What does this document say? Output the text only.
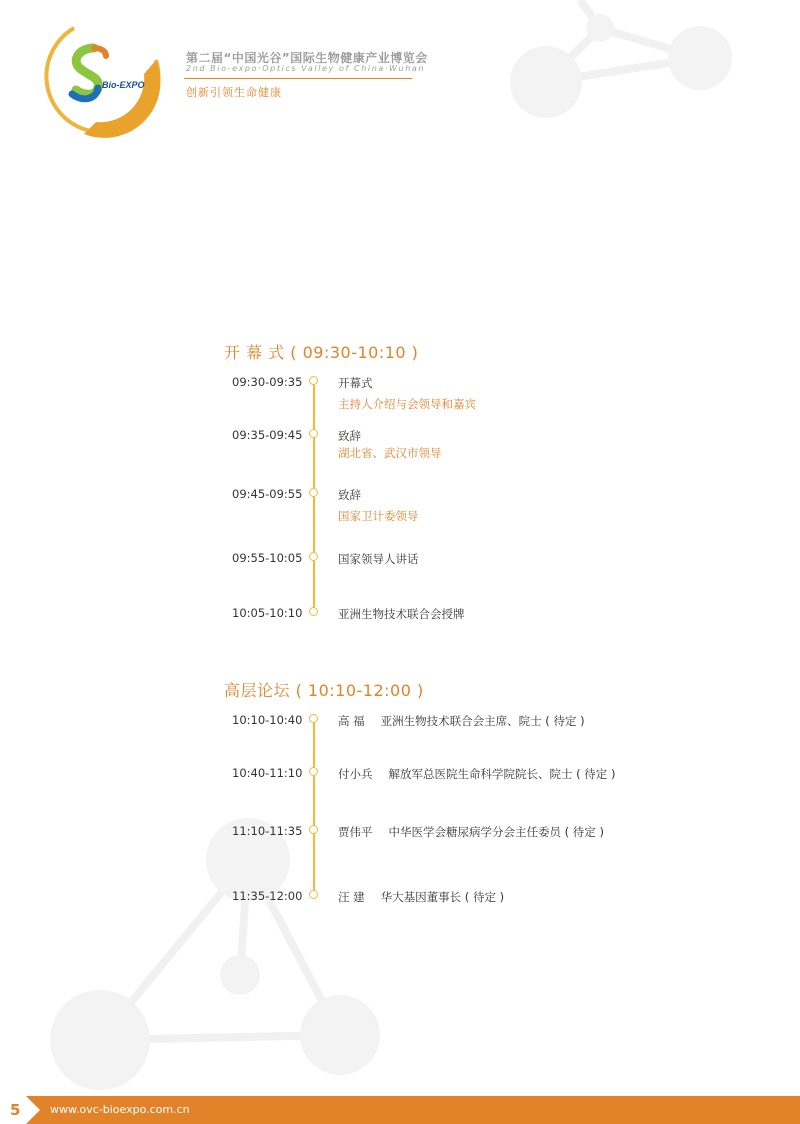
Bio-EXPO
第二届“中国光谷”国际生物健康产业博览会
2nd Bio-expo·Optics Valley of China·Wuhan
创新引领生命健康
开 幕 式 ( 09:30-10:10 )
09:30-09:35	开幕式
主持人介绍与会领导和嘉宾
09:35-09:45	致辞
湖北省、武汉市领导
09:45-09:55	致辞
国家卫计委领导
09:55-10:05	国家领导人讲话
10:05-10:10	亚洲生物技术联合会授牌
高层论坛 ( 10:10-12:00 )
10:10-10:40	高 福 亚洲生物技术联合会主席、院士 ( 待定 )
10:40-11:10	付小兵 解放军总医院生命科学院院长、院士 ( 待定 )
11:10-11:35	贾伟平 中华医学会糖尿病学分会主任委员 ( 待定 )
11:35-12:00	汪 建 华大基因董事长 ( 待定 )
5	www.ovc-bioexpo.com.cn
